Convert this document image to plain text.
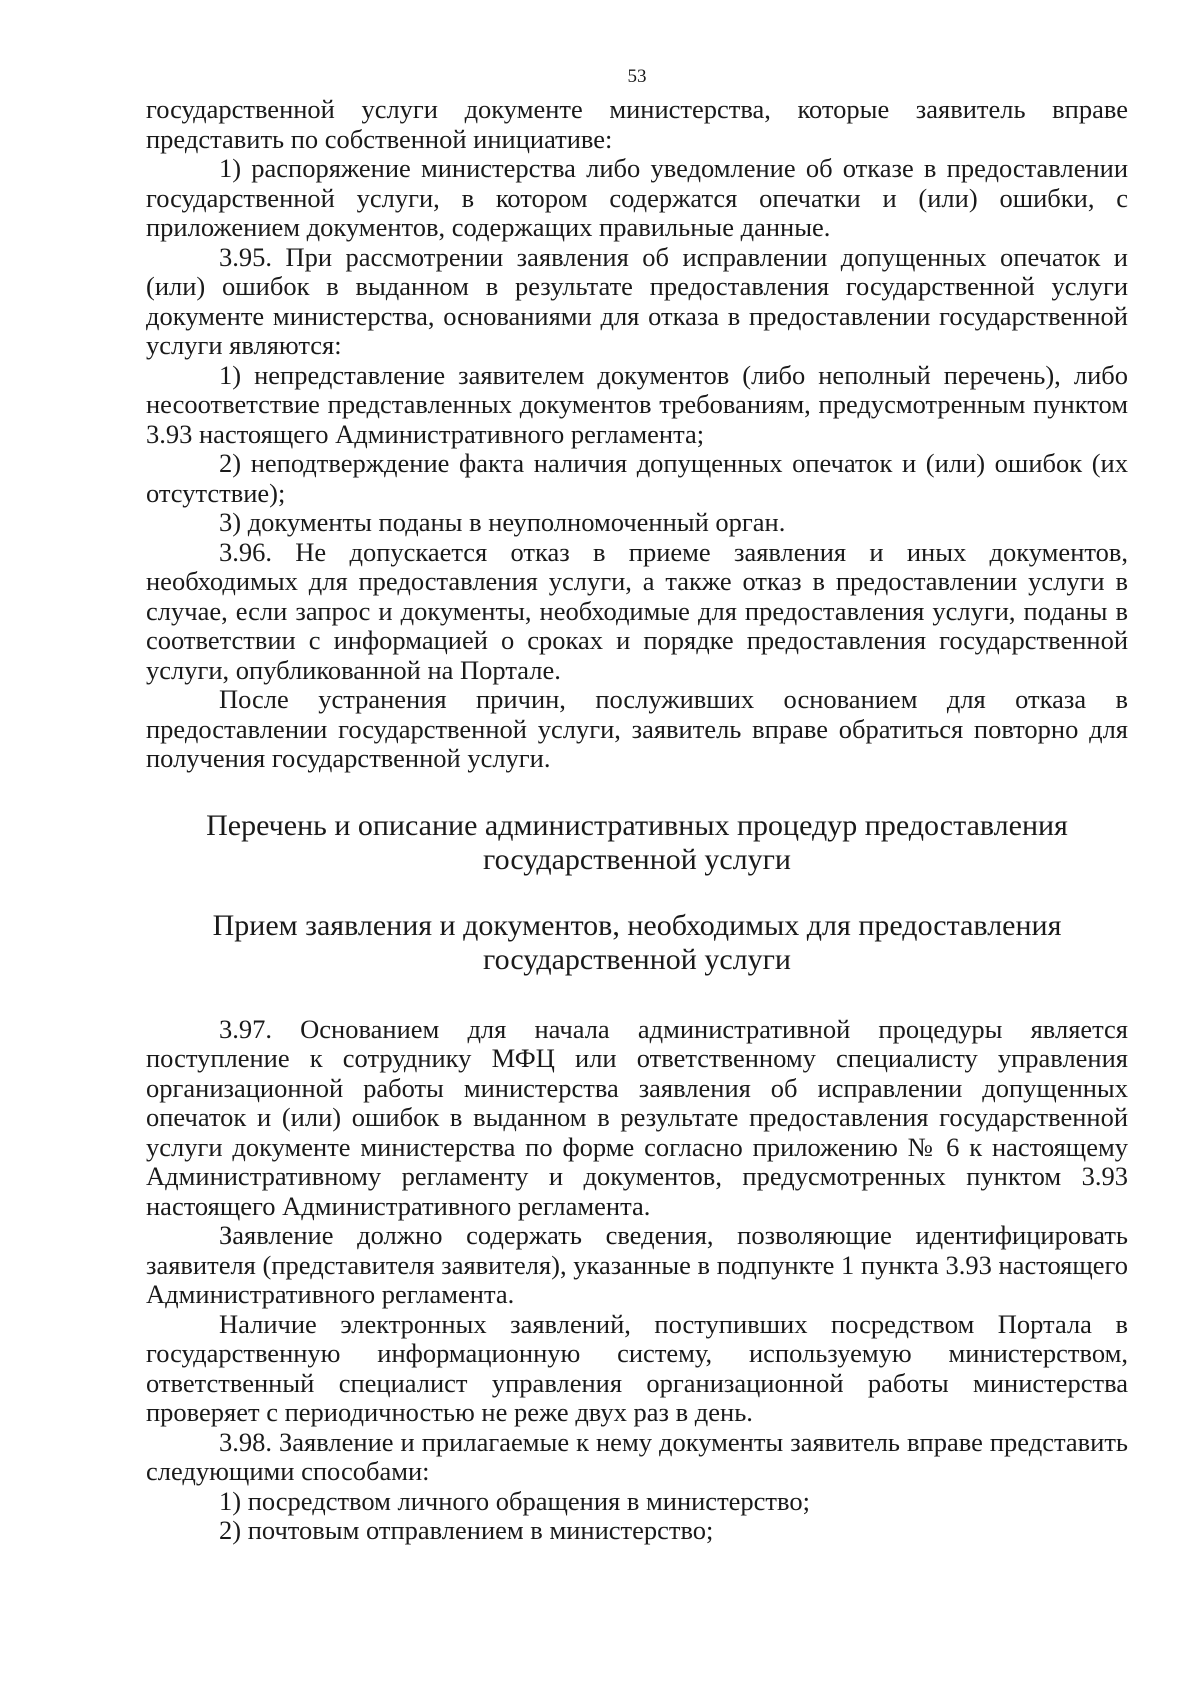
53

государственной услуги документе министерства, которые заявитель вправе представить по собственной инициативе:

1) распоряжение министерства либо уведомление об отказе в предоставлении государственной услуги, в котором содержатся опечатки и (или) ошибки, с приложением документов, содержащих правильные данные.

3.95. При рассмотрении заявления об исправлении допущенных опечаток и (или) ошибок в выданном в результате предоставления государственной услуги документе министерства, основаниями для отказа в предоставлении государственной услуги являются:

1) непредставление заявителем документов (либо неполный перечень), либо несоответствие представленных документов требованиям, предусмотренным пунктом 3.93 настоящего Административного регламента;

2) неподтверждение факта наличия допущенных опечаток и (или) ошибок (их отсутствие);

3) документы поданы в неуполномоченный орган.

3.96. Не допускается отказ в приеме заявления и иных документов, необходимых для предоставления услуги, а также отказ в предоставлении услуги в случае, если запрос и документы, необходимые для предоставления услуги, поданы в соответствии с информацией о сроках и порядке предоставления государственной услуги, опубликованной на Портале.

После устранения причин, послуживших основанием для отказа в предоставлении государственной услуги, заявитель вправе обратиться повторно для получения государственной услуги.

Перечень и описание административных процедур предоставления
государственной услуги
Прием заявления и документов, необходимых для предоставления
государственной услуги

3.97. Основанием для начала административной процедуры является поступление к сотруднику МФЦ или ответственному специалисту управления организационной работы министерства заявления об исправлении допущенных опечаток и (или) ошибок в выданном в результате предоставления государственной услуги документе министерства по форме согласно приложению № 6 к настоящему Административному регламенту и документов, предусмотренных пунктом 3.93 настоящего Административного регламента.

Заявление должно содержать сведения, позволяющие идентифицировать заявителя (представителя заявителя), указанные в подпункте 1 пункта 3.93 настоящего Административного регламента.

Наличие электронных заявлений, поступивших посредством Портала в государственную информационную систему, используемую министерством, ответственный специалист управления организационной работы министерства проверяет с периодичностью не реже двух раз в день.

3.98. Заявление и прилагаемые к нему документы заявитель вправе представить следующими способами:

1) посредством личного обращения в министерство;

2) почтовым отправлением в министерство;
